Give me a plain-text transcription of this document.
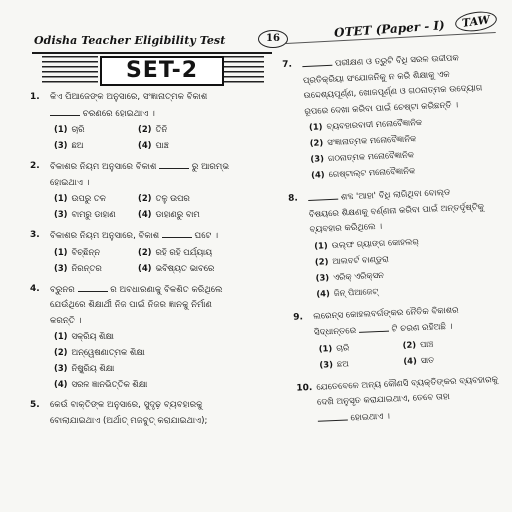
Odisha Teacher Eligibility Test	16	OTET (Paper - I)	TAW
SET-2
1. କିଏ ପିଆଜେଙ୍କ ଅନୁସାରେ, ସଂଜ୍ଞାନାତ୍ମକ ବିକାଶ
ଚରଣରେ ହୋଇଥାଏ ।
(1) ଚାରି	(2) ତିନି
(3) ଛଅ	(4) ପାଞ୍ଚ
2. ବିକାଶର ନିୟମ ଅନୁସାରେ ବିକାଶ	ରୁ ଆରମ୍ଭ
ହୋଇଥାଏ ।
(1) ଉପରୁ ତଳ	(2) ତଳୁ ଉପର
(3) ବାମରୁ ଡାହାଣ	(4) ଡାହାଣରୁ ବାମ
3. ବିକାଶର ନିୟମ ଅନୁସାରେ, ବିକାଶ	ଘଟେ ।
(1) ବିଚ୍ଛିନ୍ନ	(2) ରହି ରହି ପର୍ଯ୍ୟାୟ
(3) ନିରନ୍ତର	(4) ଭବିଷ୍ୟତ ଭାବରେ
4. ବ୍ରୁନର	ର ଅବଧାରଣାକୁ ବିକଶିତ କରିଥିଲେ
ଯେଉଁଥିରେ ଶିକ୍ଷାର୍ଥୀ ନିଜ ପାଇଁ ନିଜର ଜ୍ଞାନକୁ ନିର୍ମାଣ
କରନ୍ତି ।
(1) ସକ୍ରିୟ ଶିକ୍ଷା
(2) ଅନ୍ୱେଷଣାତ୍ମକ ଶିକ୍ଷା
(3) ନିଷ୍କ୍ରିୟ ଶିକ୍ଷା
(4) ସରଳ ଜ୍ଞାନଭିତ୍ତିକ ଶିକ୍ଷା
5. କେଉଁ ବାକ୍ତିଙ୍କ ଅନୁସାରେ, ସୁଦୃଢ଼ ବ୍ୟବହାରକୁ
ବୋଲାଯାଇଥାଏ (ଅର୍ଥାତ୍ ମଜବୁତ୍ କରାଯାଇଥାଏ);
7.	ପରୀକ୍ଷଣ ଓ ତ୍ରୁଟି ବିଧି ସରଳ ଉଦ୍ଦୀପକ
ପ୍ରତିକ୍ରିୟା ସଂଯୋଜନିକୁ ନ କରି ଶିକ୍ଷାକୁ ଏକ
ଉଦ୍ଦେଶ୍ୟପୂର୍ଣ୍ଣ, ଖୋଜପୂର୍ଣ୍ଣ ଓ ଗଠନାତ୍ମକ ଉଦ୍ୟୋଗ
ରୂପରେ ଦେଖା କରିବା ପାଇଁ ଚେଷ୍ଟା କରିଛନ୍ତି ।
(1) ବ୍ୟବହାରବାଦୀ ମନୋବୈଜ୍ଞାନିକ
(2) ସଂଜ୍ଞାନାତ୍ମକ ମନୋବୈଜ୍ଞାନିକ
(3) ଗଠନାତ୍ମକ ମନୋବୈଜ୍ଞାନିକ
(4) ଗେଷ୍ଟାଲ୍ଟ ମନୋବୈଜ୍ଞାନିକ
8.	ଶବ୍ଦ 'ଆହା' ବିଧି ଲାଗିଥିବା ବୋଲ୍ଡ
ବିଷୟରେ ଶିକ୍ଷଣକୁ ବର୍ଣ୍ଣନା କରିବା ପାଇଁ ଅନ୍ତର୍ଦୃଷ୍ଟିକୁ
ବ୍ୟବହାର କରିଥିଲେ ।
(1) ଉଲ୍ଫ ଗ୍ୟାଙ୍ଗ କୋହଲର୍
(2) ଆଲବର୍ଟ ବାଣ୍ଡୁରା
(3) ଏରିକ୍ ଏରିକ୍ସନ
(4) ଜିନ୍ ପିଆଜେଟ୍
9. ଲରେନ୍ସ କୋହଲବର୍ଗଙ୍କର ନୈତିକ ବିକାଶର
ସିଦ୍ଧାନ୍ତରେ	ଟି ଚରଣ ରହିଅଛି ।
(1) ଚାରି	(2) ପାଞ୍ଚ
(3) ଛଅ	(4) ସାତ
10. ଯେତେବେଳେ ଅନ୍ୟ କୌଣସି ବ୍ୟକ୍ତିଙ୍କର ବ୍ୟବହାରକୁ
ଦେଖି ଅନୁସୃତ କରାଯାଇଥାଏ, ତେବେ ତାହା
ହୋଇଥାଏ ।
